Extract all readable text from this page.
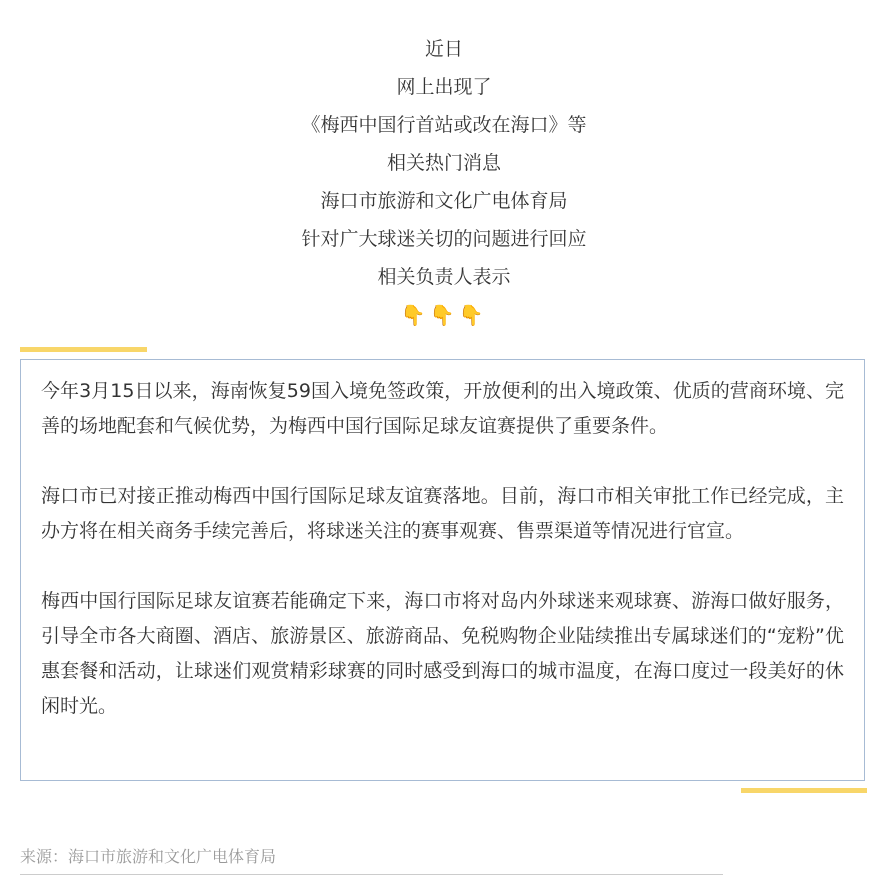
近日
网上出现了
《梅西中国行首站或改在海口》等
相关热门消息
海口市旅游和文化广电体育局
针对广大球迷关切的问题进行回应
相关负责人表示
👇👇👇

今年3月15日以来，海南恢复59国入境免签政策，开放便利的出入境政策、优质的营商环境、完善的场地配套和气候优势，为梅西中国行国际足球友谊赛提供了重要条件。

海口市已对接正推动梅西中国行国际足球友谊赛落地。目前，海口市相关审批工作已经完成，主办方将在相关商务手续完善后，将球迷关注的赛事观赛、售票渠道等情况进行官宣。

梅西中国行国际足球友谊赛若能确定下来，海口市将对岛内外球迷来观球赛、游海口做好服务，引导全市各大商圈、酒店、旅游景区、旅游商品、免税购物企业陆续推出专属球迷们的“宠粉”优惠套餐和活动，让球迷们观赏精彩球赛的同时感受到海口的城市温度，在海口度过一段美好的休闲时光。

来源：海口市旅游和文化广电体育局
